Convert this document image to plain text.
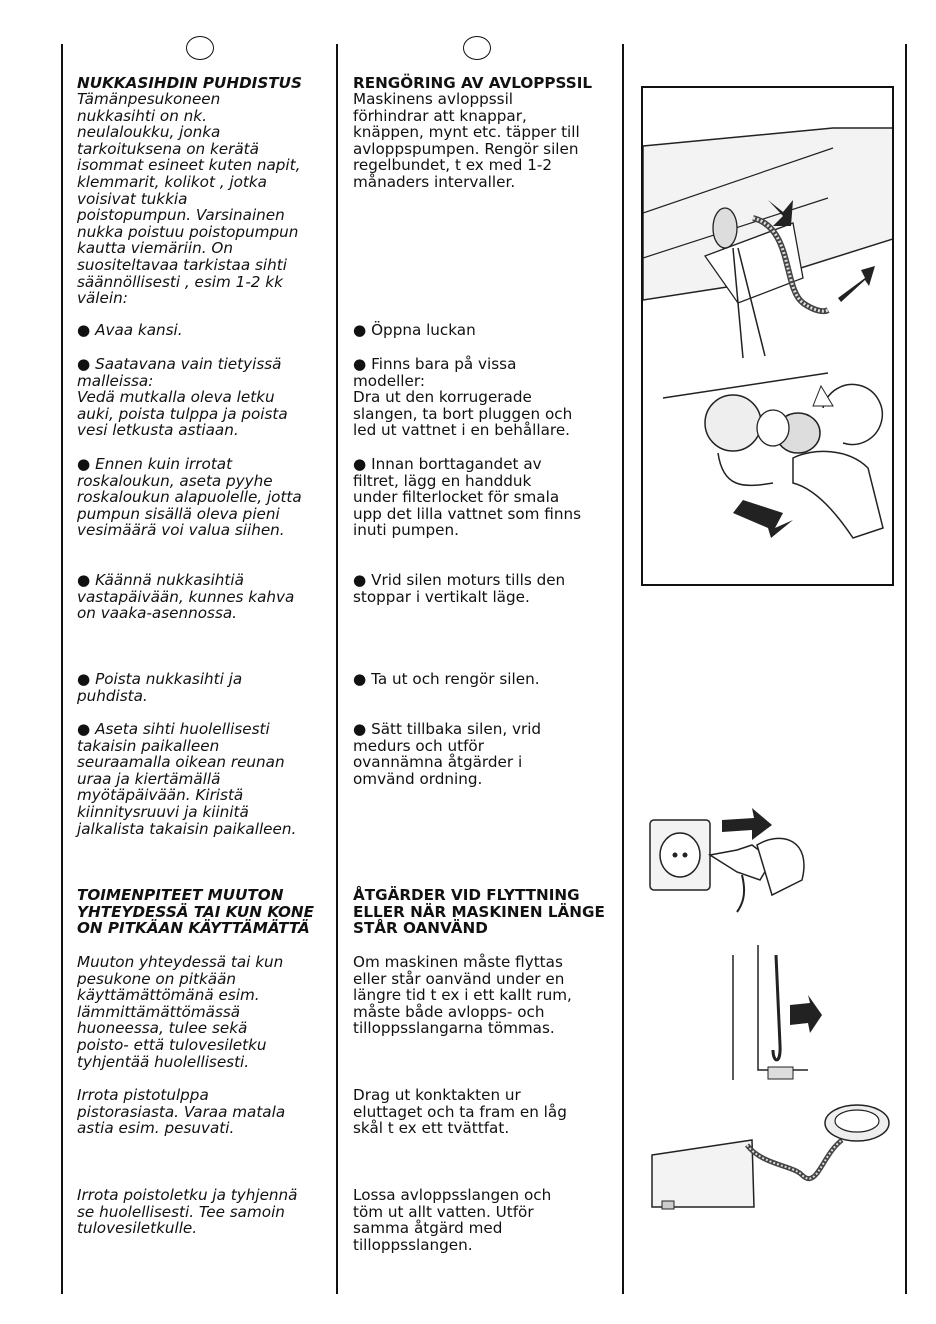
NUKKASIHDIN PUHDISTUS

Tämänpesukoneen
nukkasihti on nk.
neulaloukku, jonka
tarkoituksena on kerätä
isommat esineet kuten napit,
klemmarit, kolikot , jotka
voisivat tukkia
poistopumpun. Varsinainen
nukka poistuu poistopumpun
kautta viemäriin. On
suositeltavaa tarkistaa sihti
säännöllisesti , esim 1-2 kk
välein:

● Avaa kansi.

● Saatavana vain tietyissä
malleissa:
Vedä mutkalla oleva letku
auki, poista tulppa ja poista
vesi letkusta astiaan.

● Ennen kuin irrotat
roskaloukun, aseta pyyhe
roskaloukun alapuolelle, jotta
pumpun sisällä oleva pieni
vesimäärä voi valua siihen.

● Käännä nukkasihtiä
vastapäivään, kunnes kahva
on vaaka-asennossa.

● Poista nukkasihti ja
puhdista.

● Aseta sihti huolellisesti
takaisin paikalleen
seuraamalla oikean reunan
uraa ja kiertämällä
myötäpäivään. Kiristä
kiinnitysruuvi ja kiinitä
jalkalista takaisin paikalleen.

TOIMENPITEET MUUTON
YHTEYDESSÄ TAI KUN KONE
ON PITKÄAN KÄYTTÄMÄTTÄ

Muuton yhteydessä tai kun
pesukone on pitkään
käyttämättömänä esim.
lämmittämättömässä
huoneessa, tulee sekä
poisto- että tulovesiletku
tyhjentää huolellisesti.

Irrota pistotulppa
pistorasiasta. Varaa matala
astia esim. pesuvati.

Irrota poistoletku ja tyhjennä
se huolellisesti. Tee samoin
tulovesiletkulle.

RENGÖRING AV AVLOPPSSIL

Maskinens avloppssil
förhindrar att knappar,
knäppen, mynt etc. täpper till
avloppspumpen. Rengör silen
regelbundet, t ex med 1-2
månaders intervaller.

● Öppna luckan

● Finns bara på vissa
modeller:
Dra ut den korrugerade
slangen, ta bort pluggen och
led ut vattnet i en behållare.

● Innan borttagandet av
filtret, lägg en handduk
under filterlocket för smala
upp det lilla vattnet som finns
inuti pumpen.

● Vrid silen moturs tills den
stoppar i vertikalt läge.

● Ta ut och rengör silen.

● Sätt tillbaka silen, vrid
medurs och utför
ovannämna åtgärder i
omvänd ordning.

ÅTGÄRDER VID FLYTTNING
ELLER NÄR MASKINEN LÄNGE
STÅR OANVÄND

Om maskinen måste flyttas
eller står oanvänd under en
längre tid t ex i ett kallt rum,
måste både avlopps- och
tilloppsslangarna tömmas.

Drag ut konktakten ur
eluttaget och ta fram en låg
skål t ex ett tvättfat.

Lossa avloppsslangen och
töm ut allt vatten. Utför
samma åtgärd med
tilloppsslangen.
